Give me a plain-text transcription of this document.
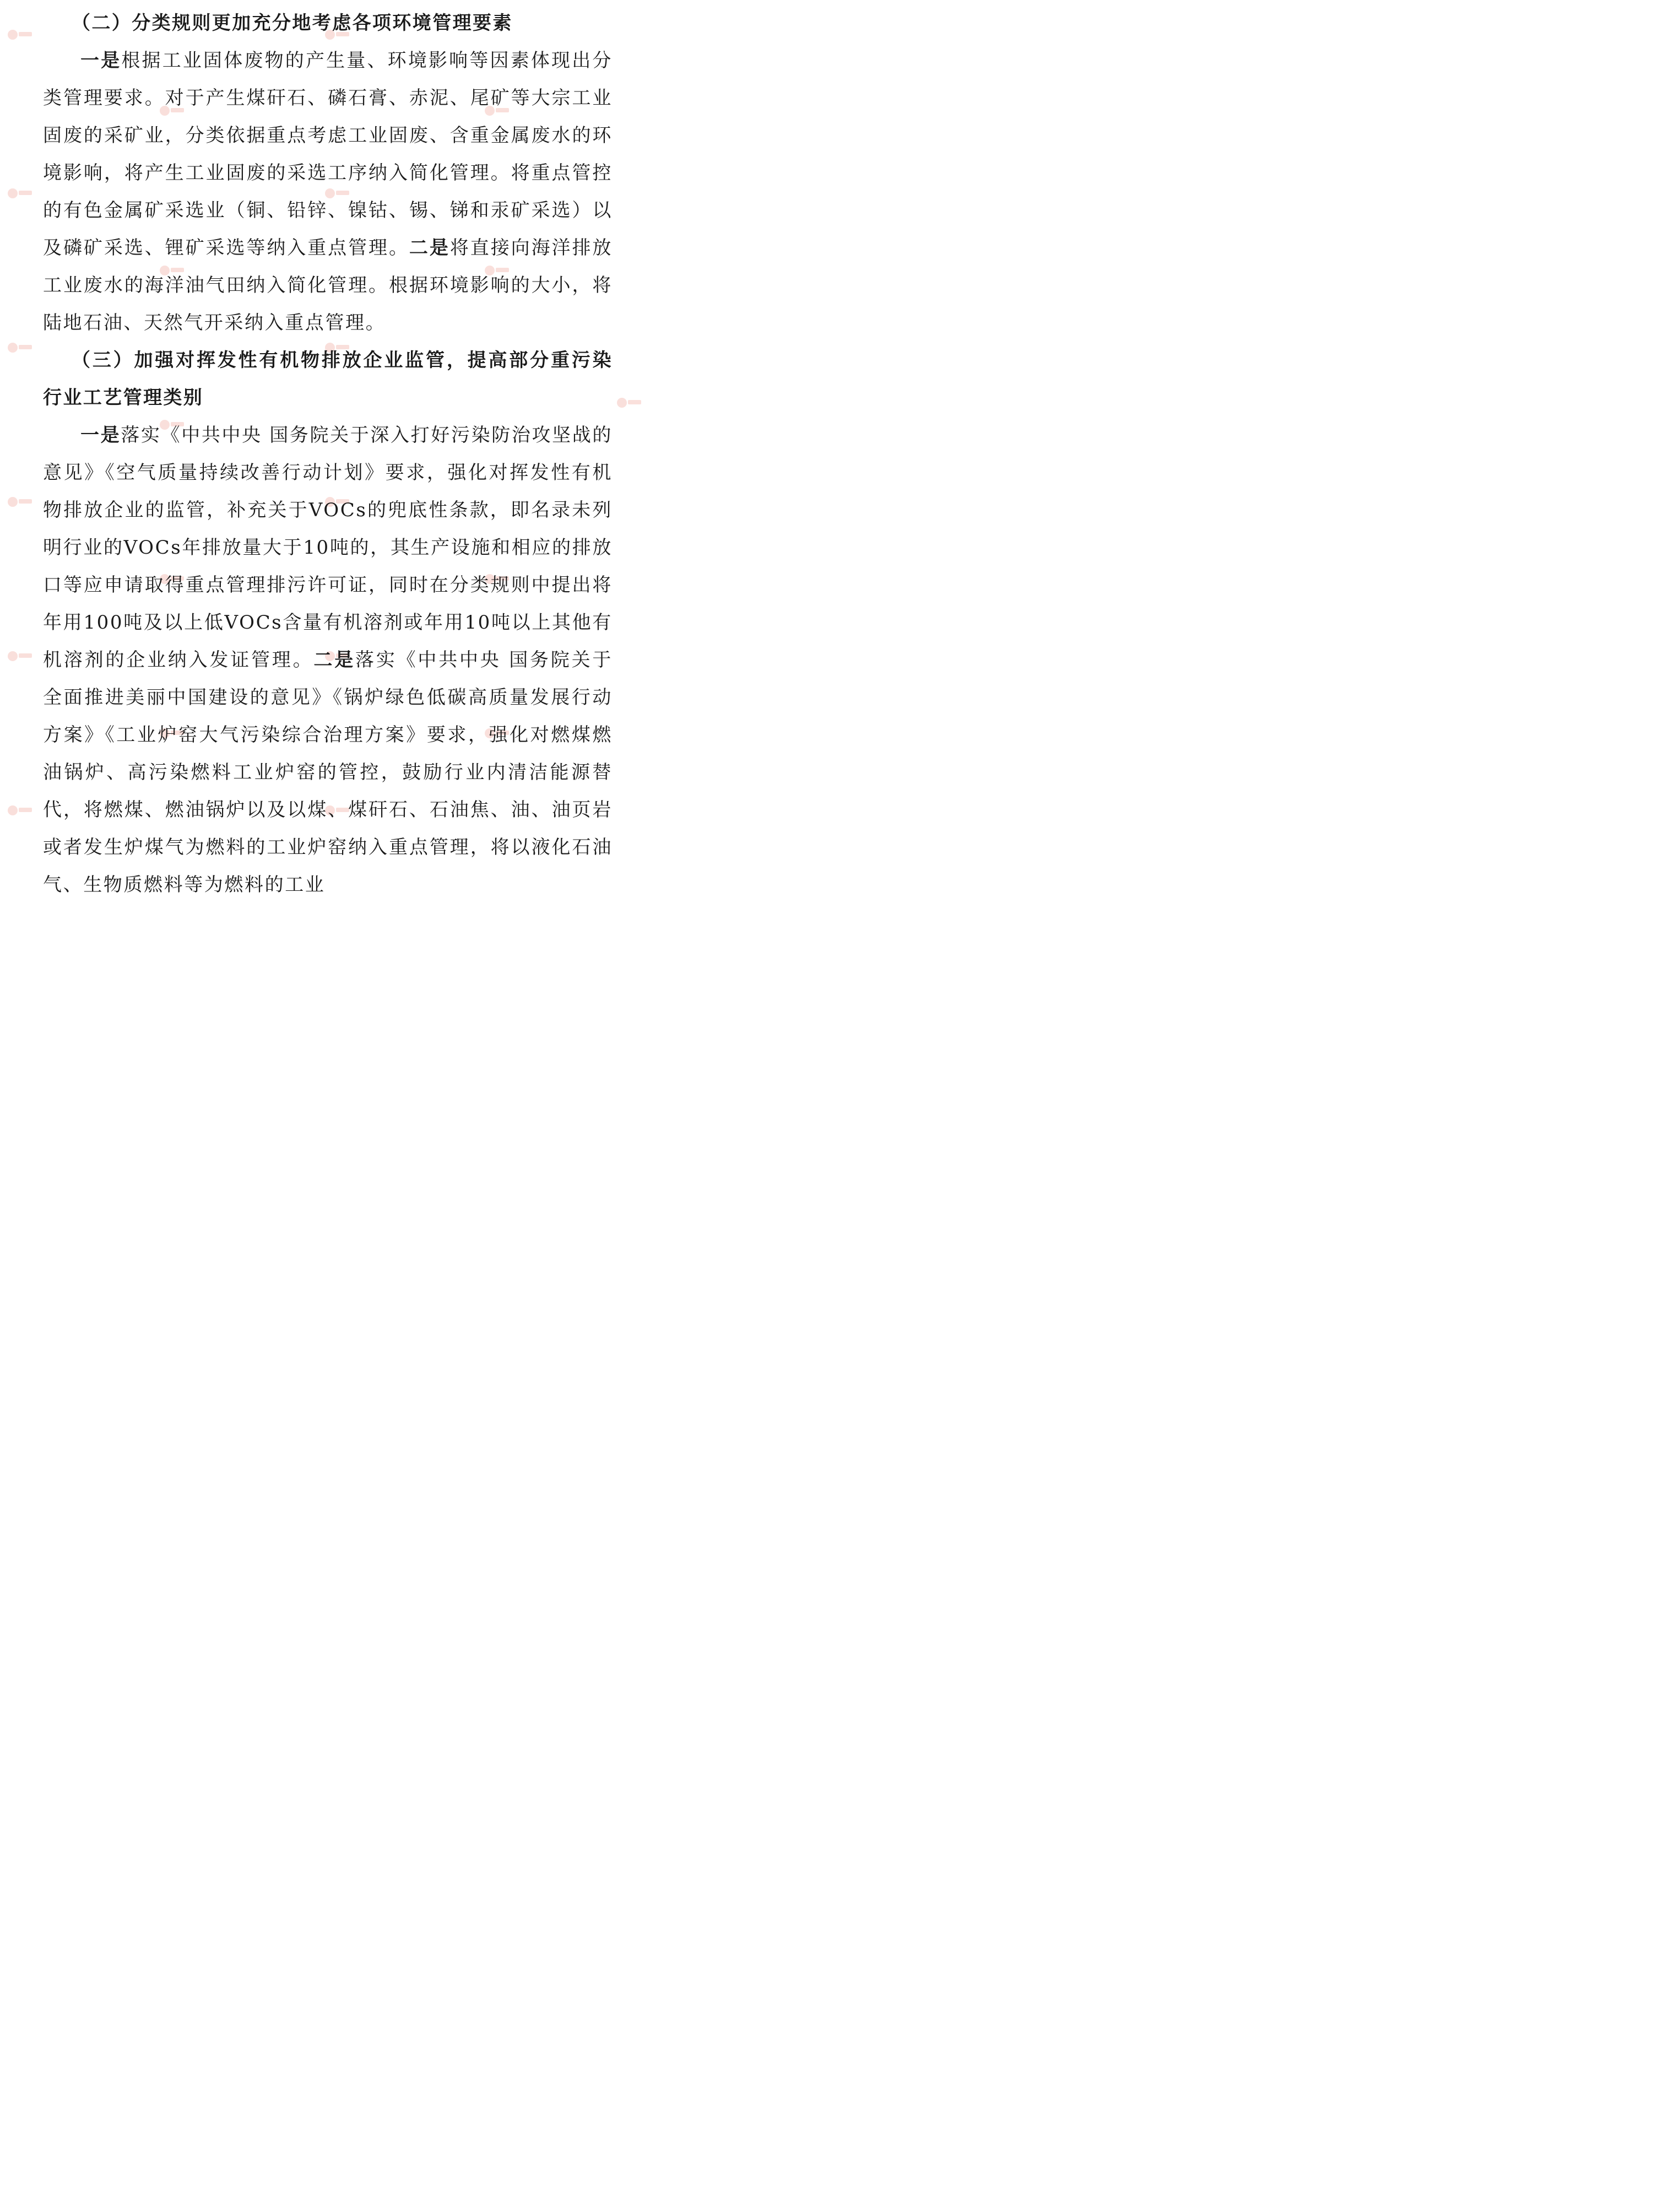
（二）分类规则更加充分地考虑各项环境管理要素

一是根据工业固体废物的产生量、环境影响等因素体现出分类管理要求。对于产生煤矸石、磷石膏、赤泥、尾矿等大宗工业固废的采矿业，分类依据重点考虑工业固废、含重金属废水的环境影响，将产生工业固废的采选工序纳入简化管理。将重点管控的有色金属矿采选业（铜、铅锌、镍钴、锡、锑和汞矿采选）以及磷矿采选、锂矿采选等纳入重点管理。二是将直接向海洋排放工业废水的海洋油气田纳入简化管理。根据环境影响的大小，将陆地石油、天然气开采纳入重点管理。

（三）加强对挥发性有机物排放企业监管，提高部分重污染行业工艺管理类别

一是落实《中共中央 国务院关于深入打好污染防治攻坚战的意见》《空气质量持续改善行动计划》要求，强化对挥发性有机物排放企业的监管，补充关于VOCs的兜底性条款，即名录未列明行业的VOCs年排放量大于10吨的，其生产设施和相应的排放口等应申请取得重点管理排污许可证，同时在分类规则中提出将年用100吨及以上低VOCs含量有机溶剂或年用10吨以上其他有机溶剂的企业纳入发证管理。二是落实《中共中央 国务院关于全面推进美丽中国建设的意见》《锅炉绿色低碳高质量发展行动方案》《工业炉窑大气污染综合治理方案》要求，强化对燃煤燃油锅炉、高污染燃料工业炉窑的管控，鼓励行业内清洁能源替代，将燃煤、燃油锅炉以及以煤、煤矸石、石油焦、油、油页岩或者发生炉煤气为燃料的工业炉窑纳入重点管理，将以液化石油气、生物质燃料等为燃料的工业
